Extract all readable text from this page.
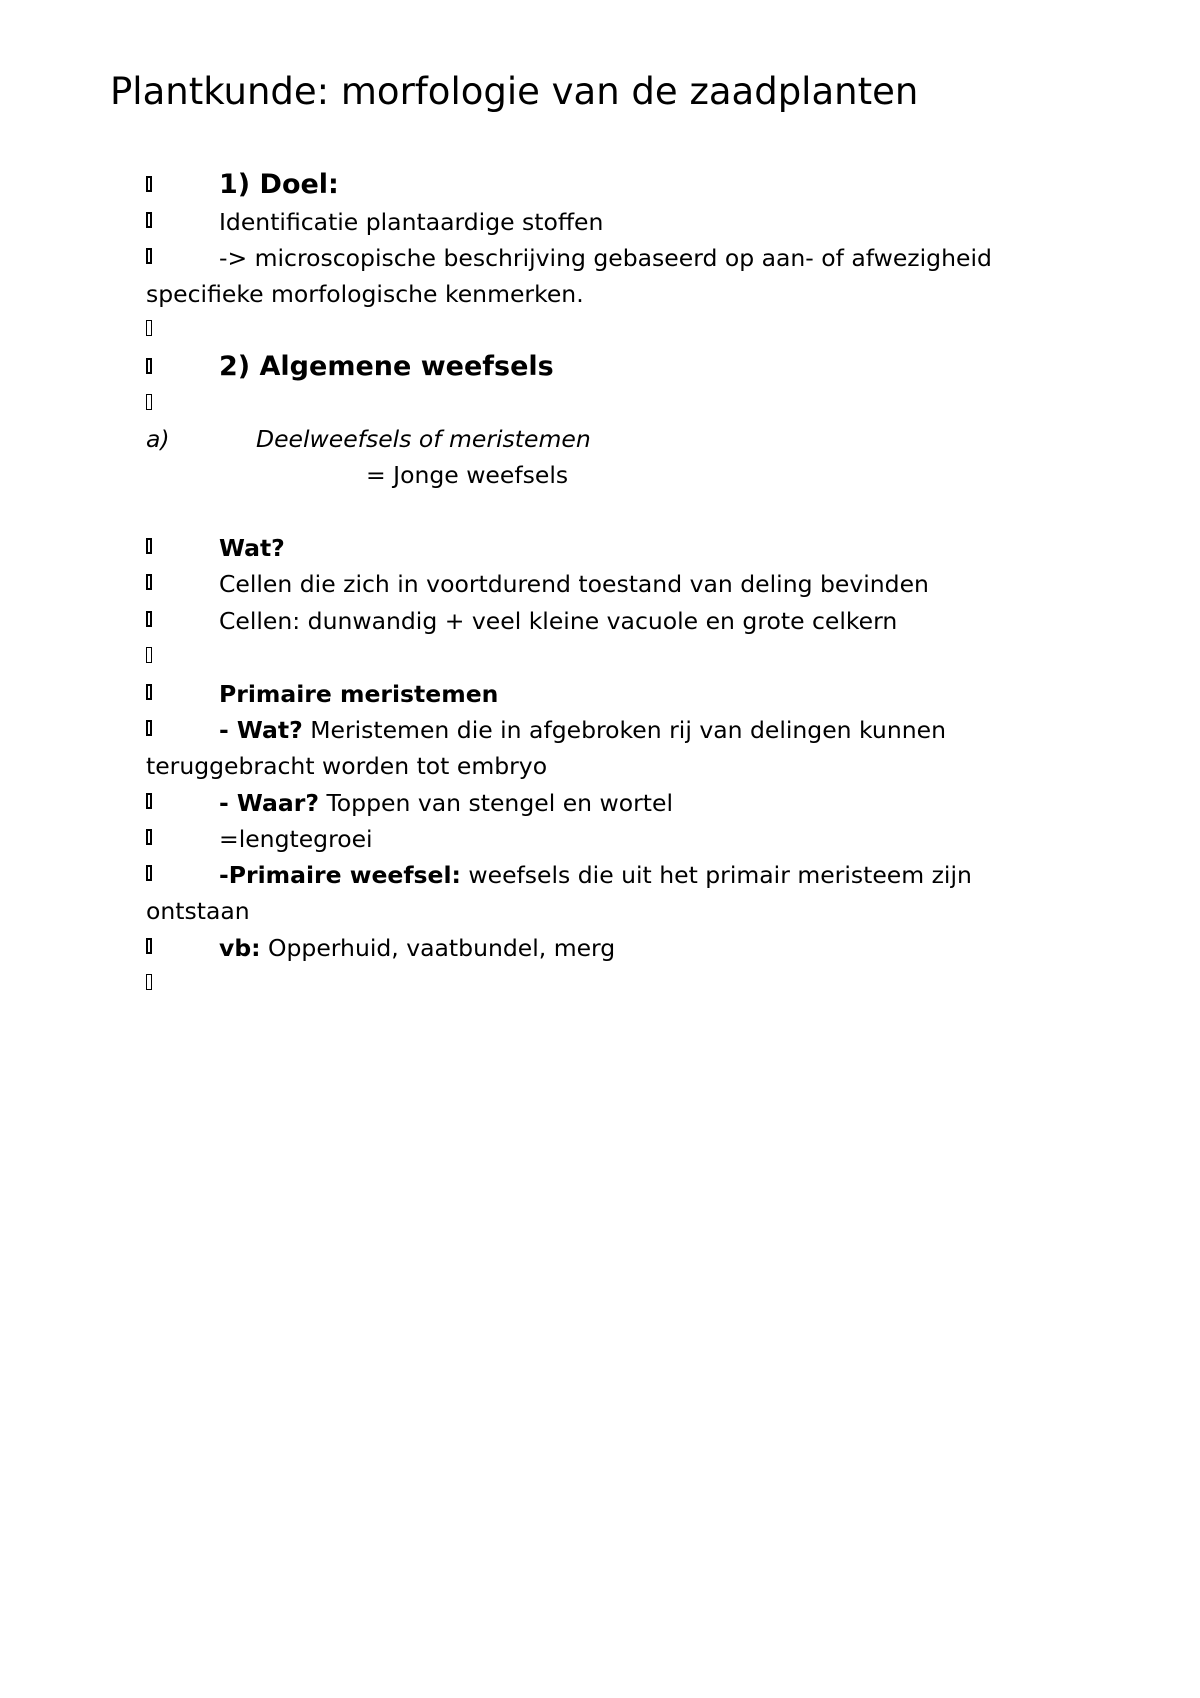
Plantkunde: morfologie van de zaadplanten
1) Doel:
Identificatie plantaardige stoffen
-> microscopische beschrijving gebaseerd op aan- of afwezigheid
specifieke morfologische kenmerken.
2) Algemene weefsels
a)	Deelweefsels of meristemen
= Jonge weefsels
Wat?
Cellen die zich in voortdurend toestand van deling bevinden
Cellen: dunwandig + veel kleine vacuole en grote celkern
Primaire meristemen
- Wat? Meristemen die in afgebroken rij van delingen kunnen
teruggebracht worden tot embryo
- Waar? Toppen van stengel en wortel
=lengtegroei
-Primaire weefsel: weefsels die uit het primair meristeem zijn
ontstaan
vb: Opperhuid, vaatbundel, merg
